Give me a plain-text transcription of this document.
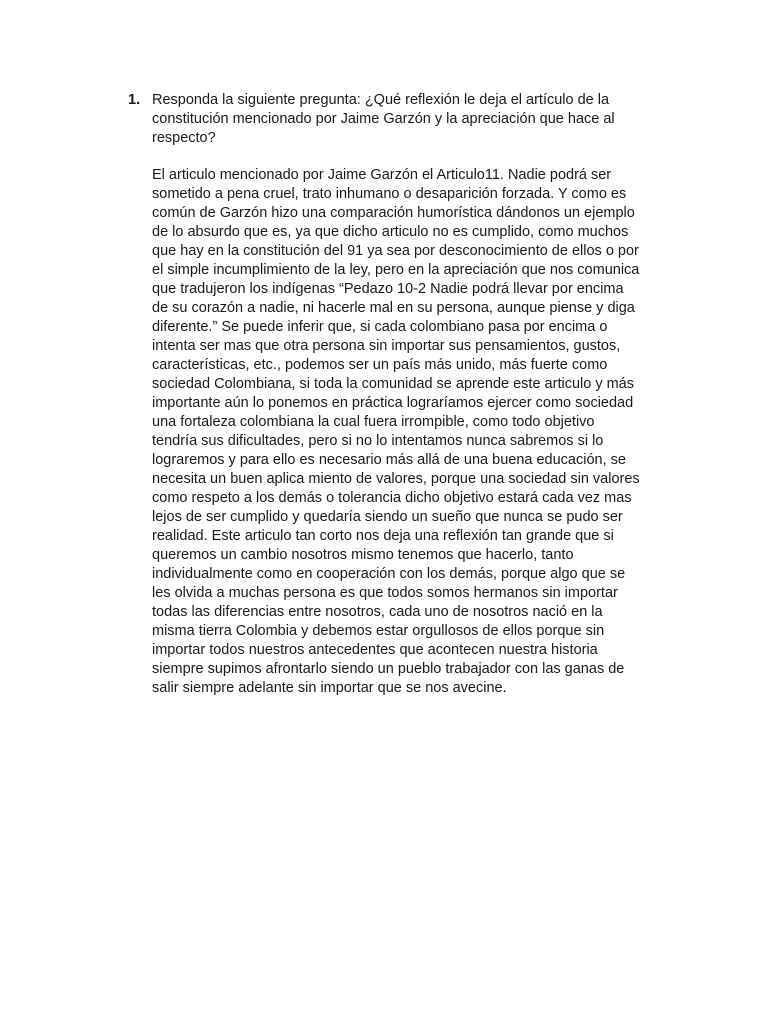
1. Responda la siguiente pregunta: ¿Qué reflexión le deja el artículo de la
constitución mencionado por Jaime Garzón y la apreciación que hace al
respecto?

El articulo mencionado por Jaime Garzón el Articulo11. Nadie podrá ser
sometido a pena cruel, trato inhumano o desaparición forzada. Y como es
común de Garzón hizo una comparación humorística dándonos un ejemplo
de lo absurdo que es, ya que dicho articulo no es cumplido, como muchos
que hay en la constitución del 91 ya sea por desconocimiento de ellos o por
el simple incumplimiento de la ley, pero en la apreciación que nos comunica
que tradujeron los indígenas “Pedazo 10-2 Nadie podrá llevar por encima
de su corazón a nadie, ni hacerle mal en su persona, aunque piense y diga
diferente.” Se puede inferir que, si cada colombiano pasa por encima o
intenta ser mas que otra persona sin importar sus pensamientos, gustos,
características, etc., podemos ser un país más unido, más fuerte como
sociedad Colombiana, si toda la comunidad se aprende este articulo y más
importante aún lo ponemos en práctica lograríamos ejercer como sociedad
una fortaleza colombiana la cual fuera irrompible, como todo objetivo
tendría sus dificultades, pero si no lo intentamos nunca sabremos si lo
lograremos y para ello es necesario más allá de una buena educación, se
necesita un buen aplica miento de valores, porque una sociedad sin valores
como respeto a los demás o tolerancia dicho objetivo estará cada vez mas
lejos de ser cumplido y quedaría siendo un sueño que nunca se pudo ser
realidad. Este articulo tan corto nos deja una reflexión tan grande que si
queremos un cambio nosotros mismo tenemos que hacerlo, tanto
individualmente como en cooperación con los demás, porque algo que se
les olvida a muchas persona es que todos somos hermanos sin importar
todas las diferencias entre nosotros, cada uno de nosotros nació en la
misma tierra Colombia y debemos estar orgullosos de ellos porque sin
importar todos nuestros antecedentes que acontecen nuestra historia
siempre supimos afrontarlo siendo un pueblo trabajador con las ganas de
salir siempre adelante sin importar que se nos avecine.
